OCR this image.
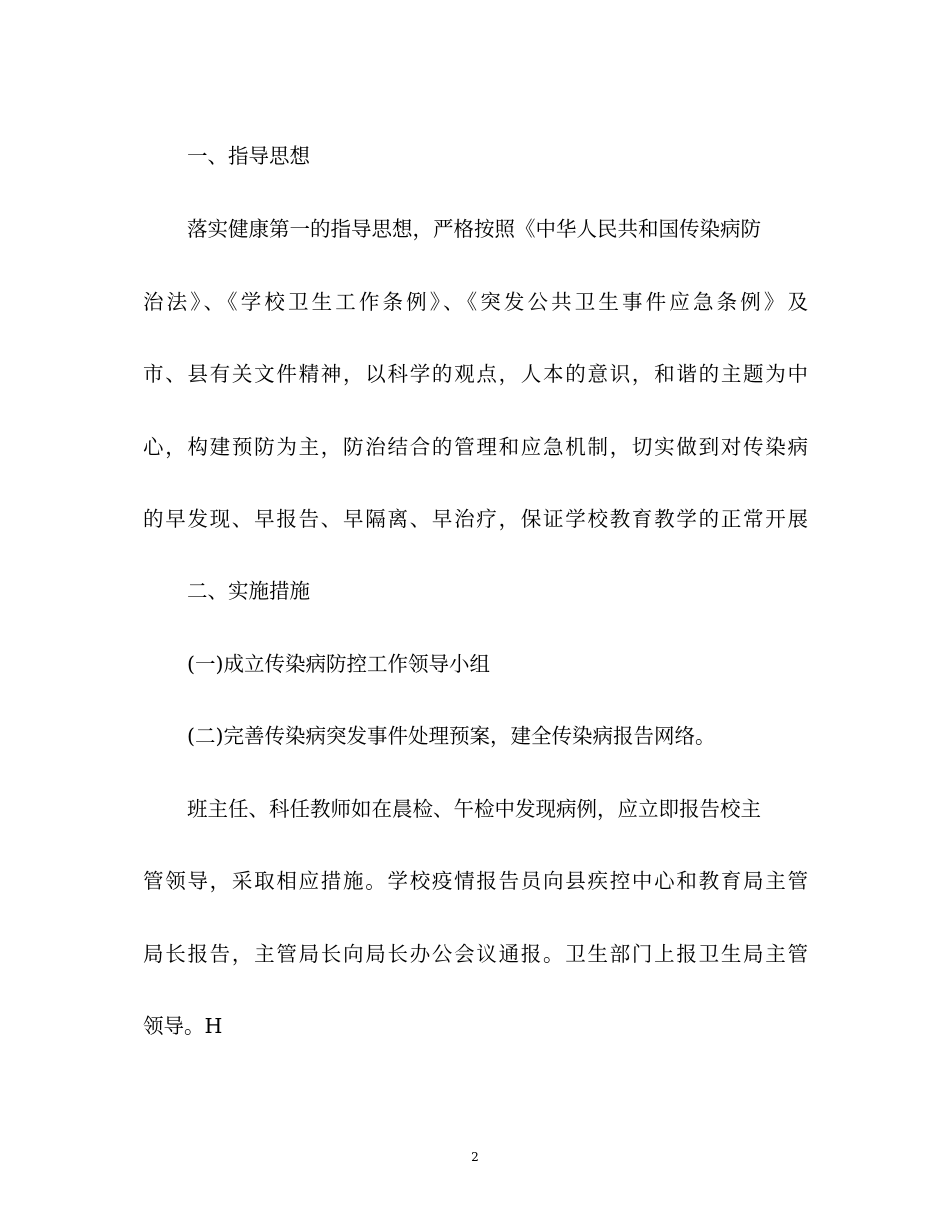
一、指导思想
落实健康第一的指导思想，严格按照《中华人民共和国传染病防
治法》、《学校卫生工作条例》、《突发公共卫生事件应急条例》及
市、县有关文件精神，以科学的观点，人本的意识，和谐的主题为中
心，构建预防为主，防治结合的管理和应急机制，切实做到对传染病
的早发现、早报告、早隔离、早治疗，保证学校教育教学的正常开展
二、实施措施
(一)成立传染病防控工作领导小组
(二)完善传染病突发事件处理预案，建全传染病报告网络。
班主任、科任教师如在晨检、午检中发现病例，应立即报告校主
管领导，采取相应措施。学校疫情报告员向县疾控中心和教育局主管
局长报告，主管局长向局长办公会议通报。卫生部门上报卫生局主管
领导。H
2
